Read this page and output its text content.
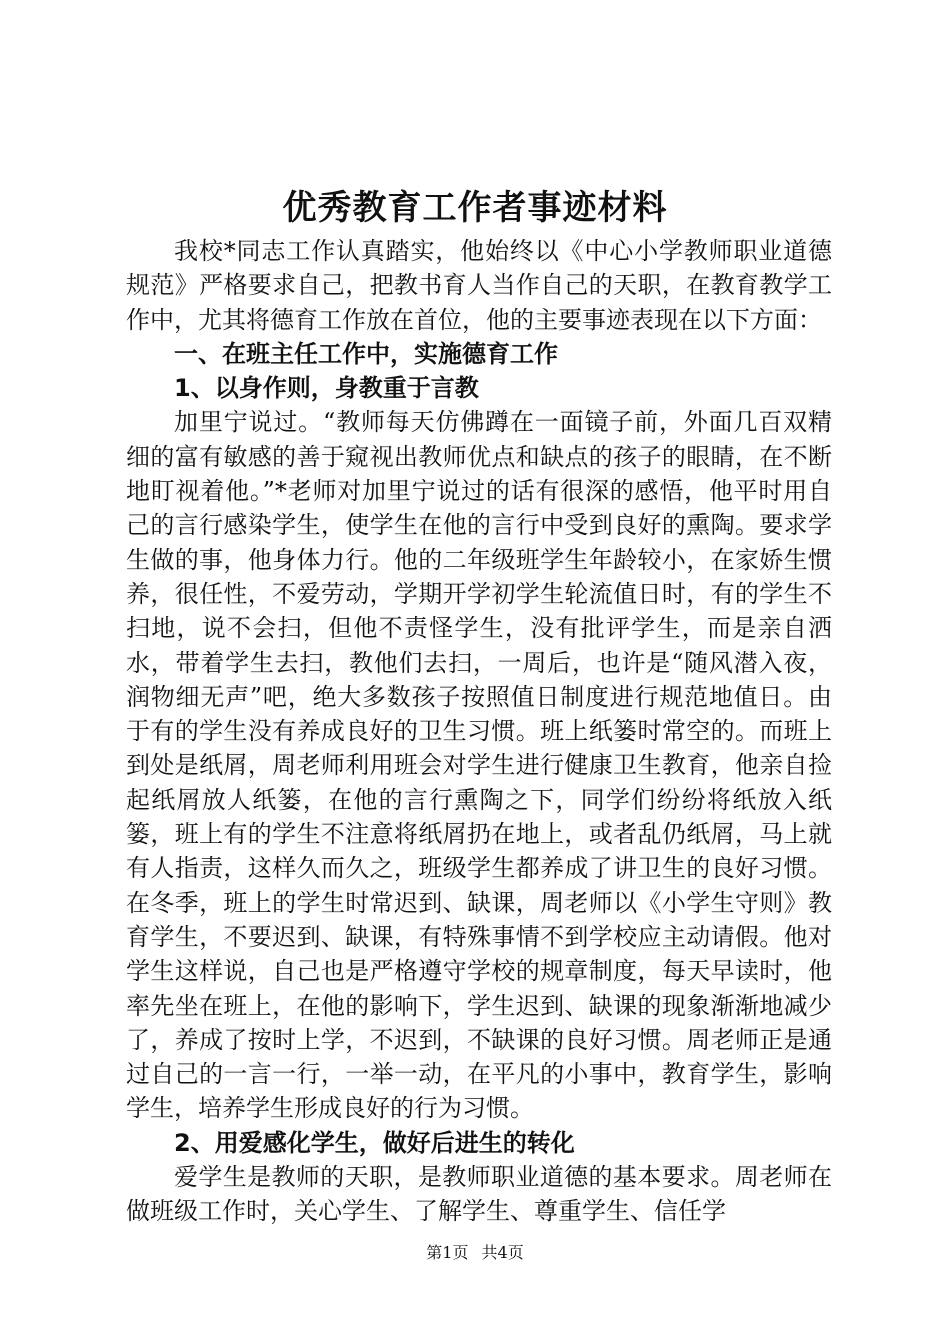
优秀教育工作者事迹材料

我校*同志工作认真踏实，他始终以《中心小学教师职业道德规范》严格要求自己，把教书育人当作自己的天职，在教育教学工作中，尤其将德育工作放在首位，他的主要事迹表现在以下方面：

一、在班主任工作中，实施德育工作
1、以身作则，身教重于言教

加里宁说过。“教师每天仿佛蹲在一面镜子前，外面几百双精细的富有敏感的善于窥视出教师优点和缺点的孩子的眼睛，在不断地盯视着他。”*老师对加里宁说过的话有很深的感悟，他平时用自己的言行感染学生，使学生在他的言行中受到良好的熏陶。要求学生做的事，他身体力行。他的二年级班学生年龄较小，在家娇生惯养，很任性，不爱劳动，学期开学初学生轮流值日时，有的学生不扫地，说不会扫，但他不责怪学生，没有批评学生，而是亲自洒水，带着学生去扫，教他们去扫，一周后，也许是“随风潜入夜，润物细无声”吧，绝大多数孩子按照值日制度进行规范地值日。由于有的学生没有养成良好的卫生习惯。班上纸篓时常空的。而班上到处是纸屑，周老师利用班会对学生进行健康卫生教育，他亲自捡起纸屑放人纸篓，在他的言行熏陶之下，同学们纷纷将纸放入纸篓，班上有的学生不注意将纸屑扔在地上，或者乱仍纸屑，马上就有人指责，这样久而久之，班级学生都养成了讲卫生的良好习惯。在冬季，班上的学生时常迟到、缺课，周老师以《小学生守则》教育学生，不要迟到、缺课，有特殊事情不到学校应主动请假。他对学生这样说，自己也是严格遵守学校的规章制度，每天早读时，他率先坐在班上，在他的影响下，学生迟到、缺课的现象渐渐地减少了，养成了按时上学，不迟到，不缺课的良好习惯。周老师正是通过自己的一言一行，一举一动，在平凡的小事中，教育学生，影响学生，培养学生形成良好的行为习惯。

2、用爱感化学生，做好后进生的转化

爱学生是教师的天职，是教师职业道德的基本要求。周老师在做班级工作时，关心学生、了解学生、尊重学生、信任学

第1页 共4页
